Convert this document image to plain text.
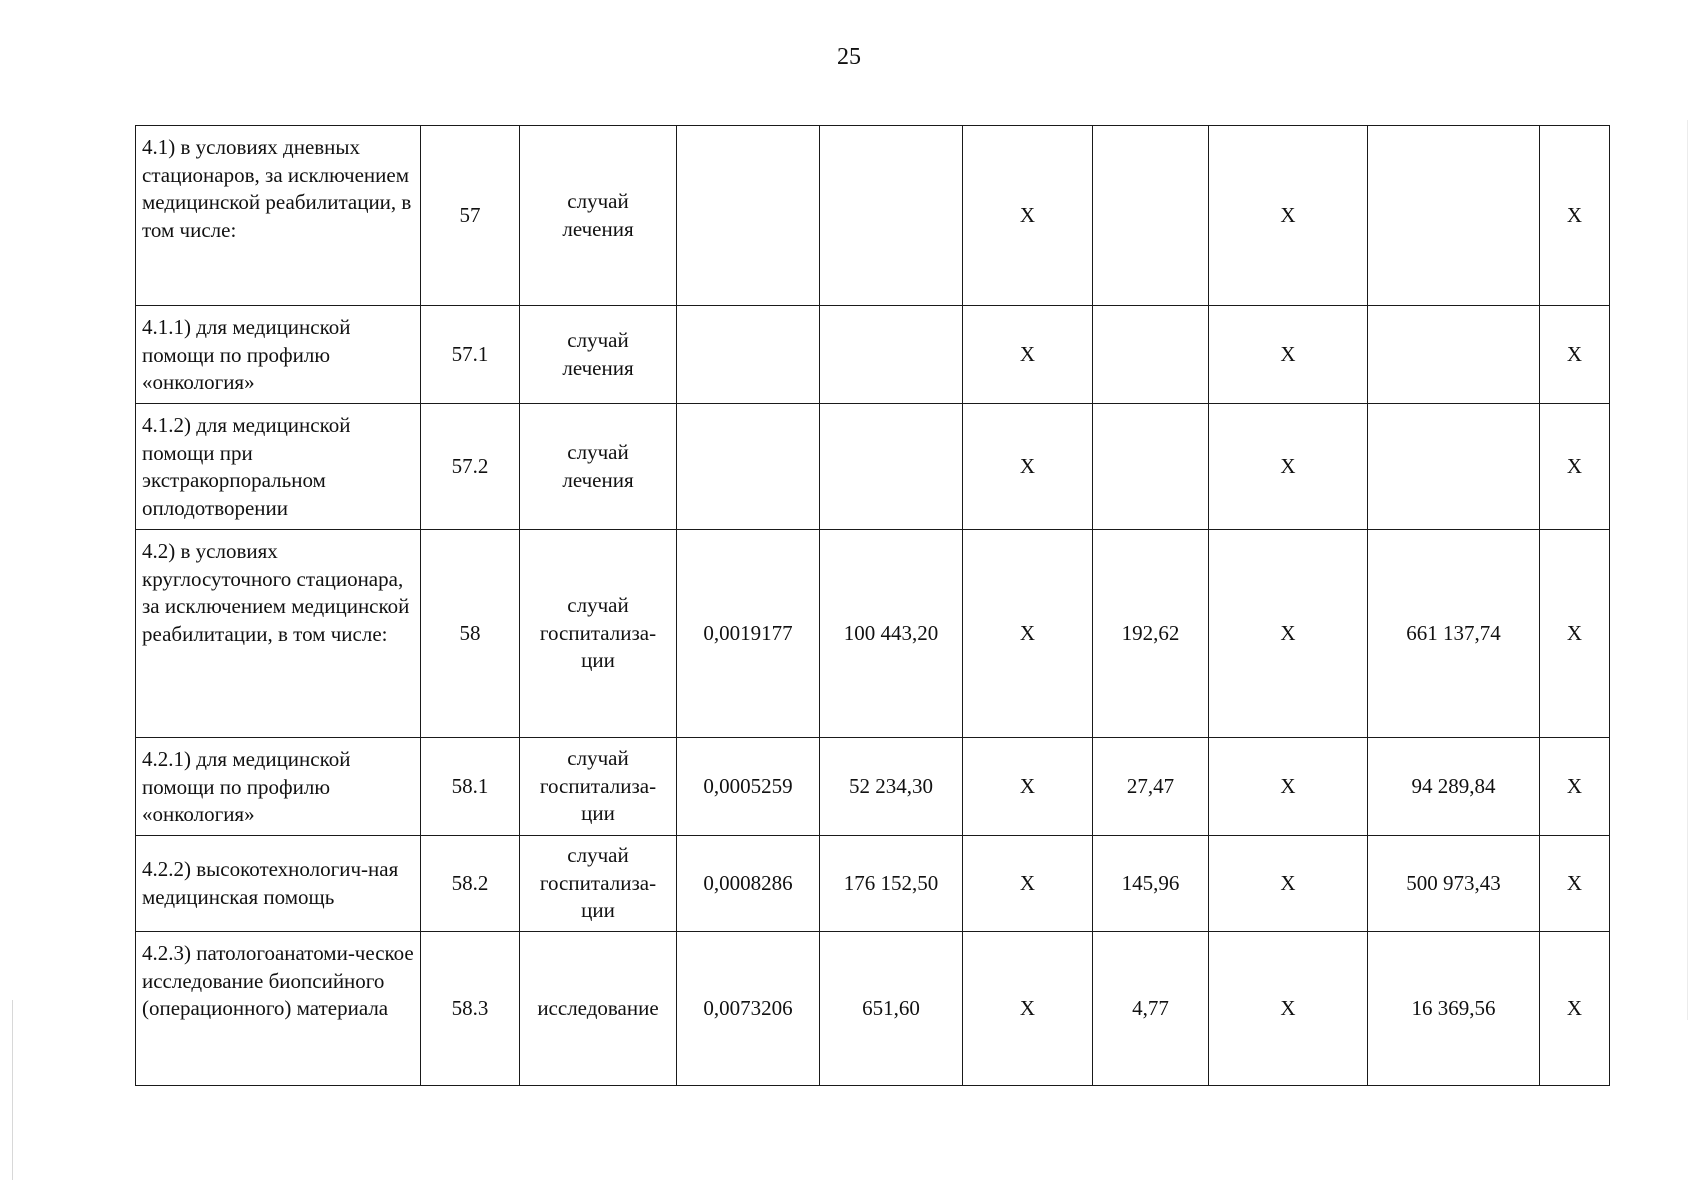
25
4.1) в условиях дневных стационаров, за исключением медицинской реабилитации, в том числе:	57	случай лечения			X		X		X
4.1.1) для медицинской помощи по профилю «онкология»	57.1	случай лечения			X		X		X
4.1.2) для медицинской помощи при экстракорпоральном оплодотворении	57.2	случай лечения			X		X		X
4.2) в условиях круглосуточного стационара, за исключением медицинской реабилитации, в том числе:	58	случай госпитализа-ции	0,0019177	100 443,20	X	192,62	X	661 137,74	X
4.2.1) для медицинской помощи по профилю «онкология»	58.1	случай госпитализа-ции	0,0005259	52 234,30	X	27,47	X	94 289,84	X
4.2.2) высокотехнологич-ная медицинская помощь	58.2	случай госпитализа-ции	0,0008286	176 152,50	X	145,96	X	500 973,43	X
4.2.3) патологоанатоми-ческое исследование биопсийного (операционного) материала	58.3	исследование	0,0073206	651,60	X	4,77	X	16 369,56	X
